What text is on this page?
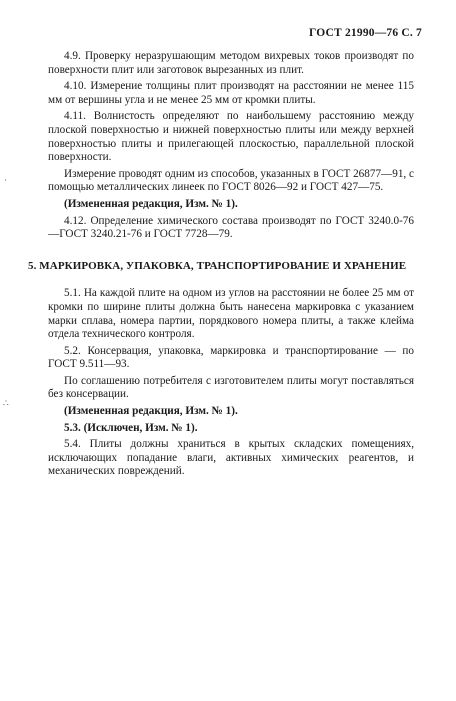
ГОСТ 21990—76 С. 7

4.9. Проверку неразрушающим методом вихревых токов производят по поверхности плит или заготовок вырезанных из плит.

4.10. Измерение толщины плит производят на расстоянии не менее 115 мм от вершины угла и не менее 25 мм от кромки плиты.

4.11. Волнистость определяют по наибольшему расстоянию между плоской поверхностью и нижней поверхностью плиты или между верхней поверхностью плиты и прилегающей плоскостью, параллельной плоской поверхности.

Измерение проводят одним из способов, указанных в ГОСТ 26877—91, с помощью металлических линеек по ГОСТ 8026—92 и ГОСТ 427—75.

(Измененная редакция, Изм. № 1).

4.12. Определение химического состава производят по ГОСТ 3240.0-76—ГОСТ 3240.21-76 и ГОСТ 7728—79.

5. МАРКИРОВКА, УПАКОВКА, ТРАНСПОРТИРОВАНИЕ И ХРАНЕНИЕ

5.1. На каждой плите на одном из углов на расстоянии не более 25 мм от кромки по ширине плиты должна быть нанесена маркировка с указанием марки сплава, номера партии, порядкового номера плиты, а также клейма отдела технического контроля.

5.2. Консервация, упаковка, маркировка и транспортирование — по ГОСТ 9.511—93.

По соглашению потребителя с изготовителем плиты могут поставляться без консервации.

(Измененная редакция, Изм. № 1).

5.3. (Исключен, Изм. № 1).

5.4. Плиты должны храниться в крытых складских помещениях, исключающих попадание влаги, активных химических реагентов, и механических повреждений.

·
∴
